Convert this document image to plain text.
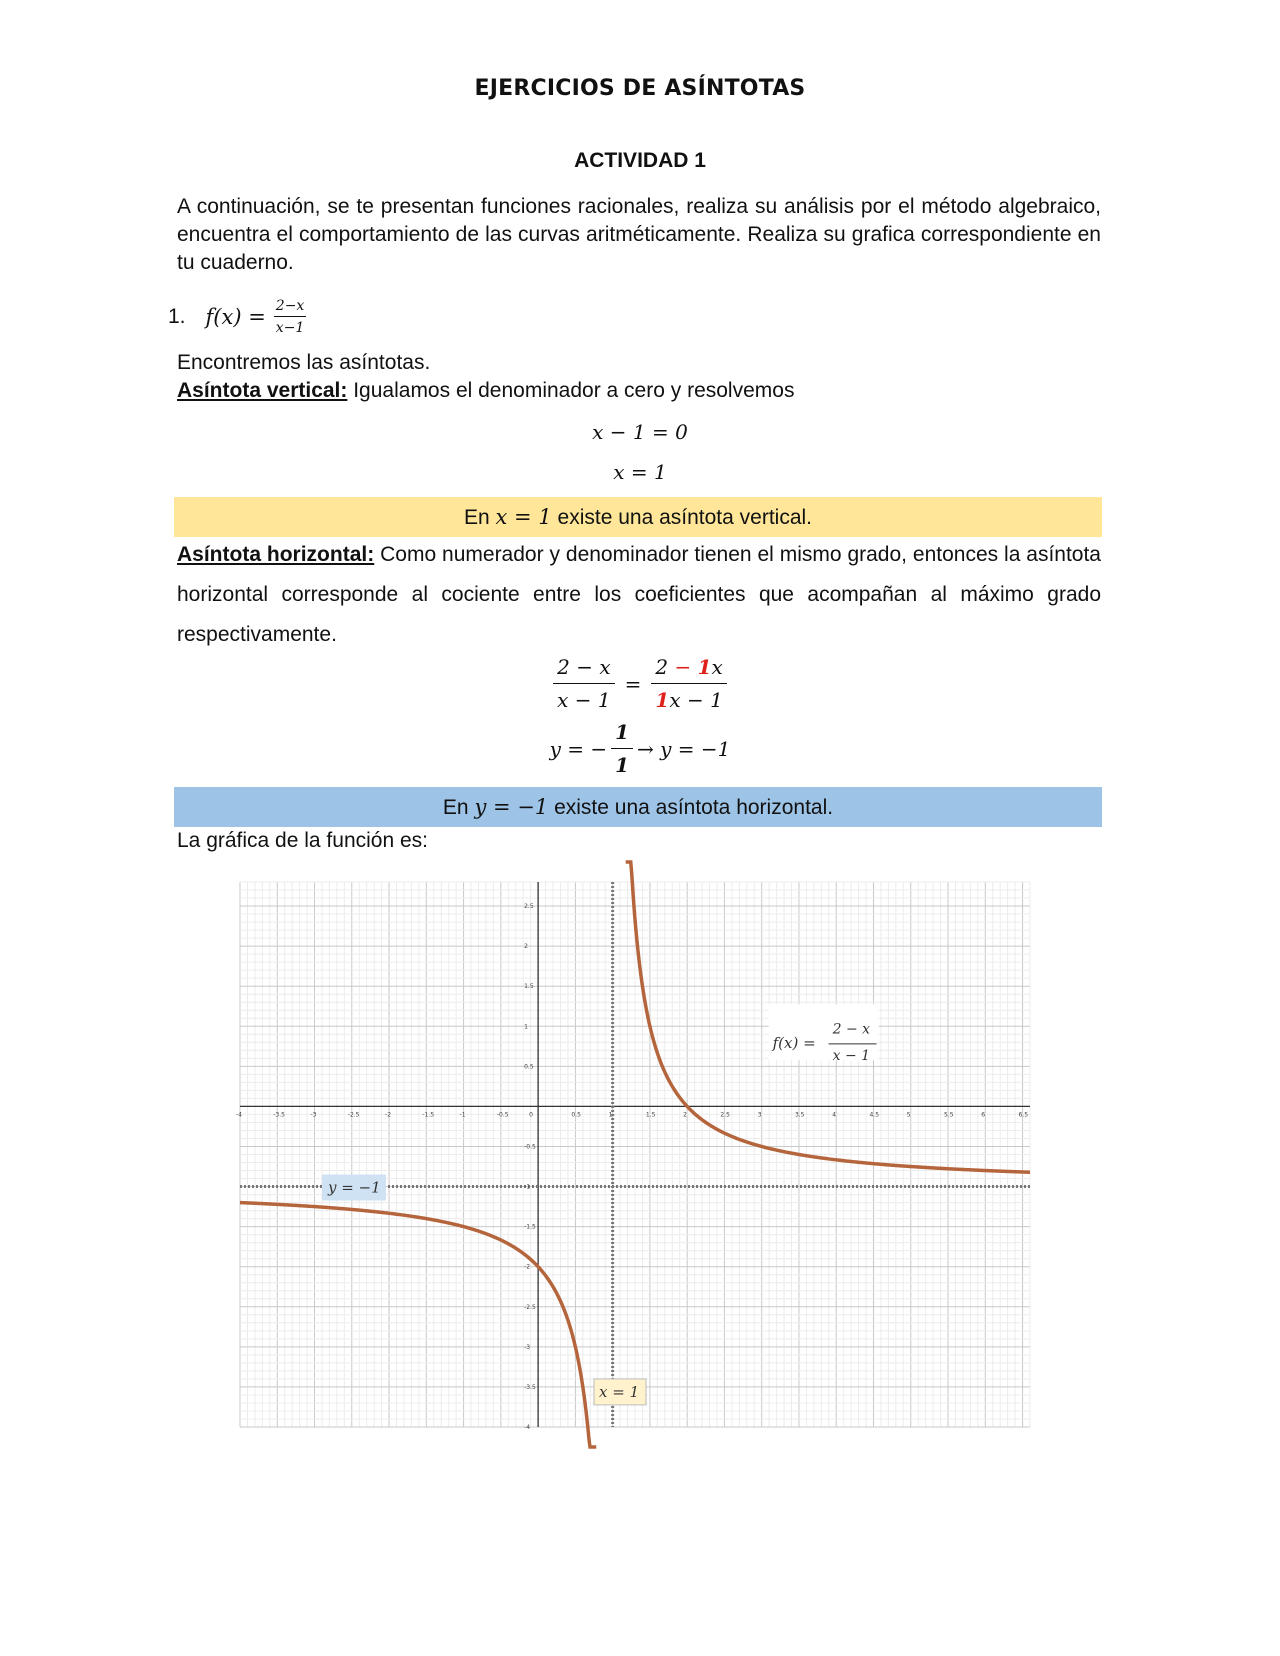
EJERCICIOS DE ASÍNTOTAS
ACTIVIDAD 1
A continuación, se te presentan funciones racionales, realiza su análisis por el método algebraico, encuentra el comportamiento de las curvas aritméticamente. Realiza su grafica correspondiente en tu cuaderno.
1. $f(x) = \frac{2-x}{x-1}$
Encontremos las asíntotas.
Asíntota vertical: Igualamos el denominador a cero y resolvemos
x − 1 = 0
x = 1
En x = 1 existe una asíntota vertical.
Asíntota horizontal: Como numerador y denominador tienen el mismo grado, entonces la asíntota horizontal corresponde al cociente entre los coeficientes que acompañan al máximo grado respectivamente.
$\frac{2 - x}{x - 1} = \frac{2 - 1x}{1x - 1}$
y = − $\frac{1}{1} \to y = -1$
En y = −1 existe una asíntota horizontal.
La gráfica de la función es:
-4	-3.5	-3	-2.5	-2	-1.5	-1	-0.5	0	0.5	1	1.5	2	2.5	3	3.5	4	4.5	5	5.5	6	6.5
2.5
2
1.5
1
0.5
-0.5
-1
-1.5
-2
-2.5
-3
-3.5
-4
f(x) =
2 − x
x − 1
y = −1
x = 1
